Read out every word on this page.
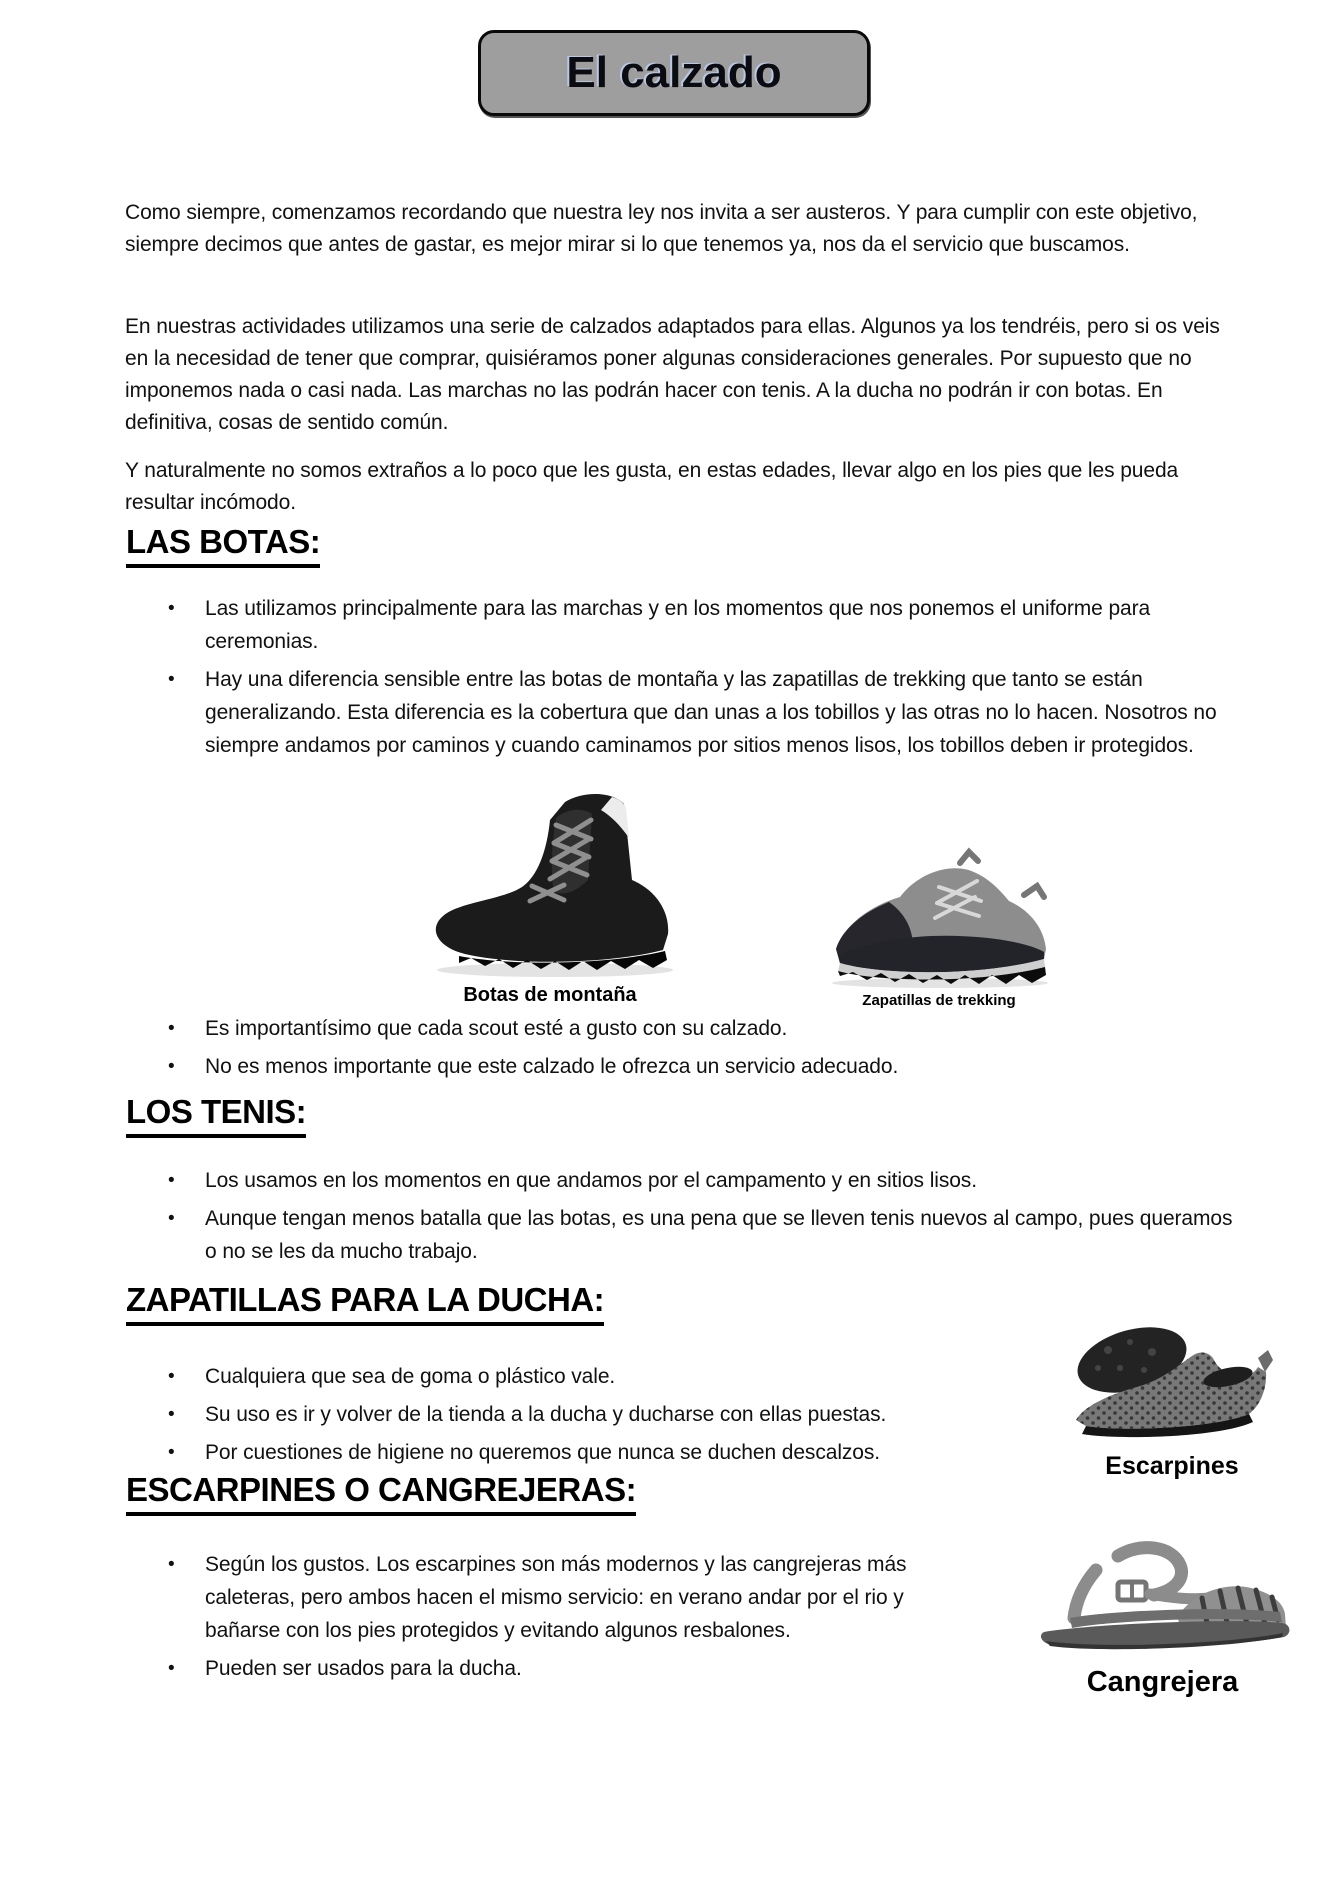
El calzado

Como siempre, comenzamos recordando que nuestra ley nos invita a ser austeros. Y para cumplir con este objetivo, siempre decimos que antes de gastar, es mejor mirar si lo que tenemos ya, nos da el servicio que buscamos.

En nuestras actividades utilizamos una serie de calzados adaptados para ellas. Algunos ya los tendréis, pero si os veis en la necesidad de tener que comprar, quisiéramos poner algunas consideraciones generales. Por supuesto que no imponemos nada o casi nada. Las marchas no las podrán hacer con tenis. A la ducha no podrán ir con botas. En definitiva, cosas de sentido común.

Y naturalmente no somos extraños a lo poco que les gusta, en estas edades, llevar algo en los pies que les pueda resultar incómodo.

LAS BOTAS:
•	Las utilizamos principalmente para las marchas y en los momentos que nos ponemos el uniforme para ceremonias.
•	Hay una diferencia sensible entre las botas de montaña y las zapatillas de trekking que tanto se están generalizando. Esta diferencia es la cobertura que dan unas a los tobillos y las otras no lo hacen. Nosotros no siempre andamos por caminos y cuando caminamos por sitios menos lisos, los tobillos deben ir protegidos.
Botas de montaña	Zapatillas de trekking
•	Es importantísimo que cada scout esté a gusto con su calzado.
•	No es menos importante que este calzado le ofrezca un servicio adecuado.
LOS TENIS:
•	Los usamos en los momentos en que andamos por el campamento y en sitios lisos.
•	Aunque tengan menos batalla que las botas, es una pena que se lleven tenis nuevos al campo, pues queramos o no se les da mucho trabajo.
ZAPATILLAS PARA LA DUCHA:
•	Cualquiera que sea de goma o plástico vale.
•	Su uso es ir y volver de la tienda a la ducha y ducharse con ellas puestas.
•	Por cuestiones de higiene no queremos que nunca se duchen descalzos.	Escarpines
ESCARPINES O CANGREJERAS:
•	Según los gustos. Los escarpines son más modernos y las cangrejeras más caleteras, pero ambos hacen el mismo servicio: en verano andar por el rio y bañarse con los pies protegidos y evitando algunos resbalones.
•	Pueden ser usados para la ducha.	Cangrejera
